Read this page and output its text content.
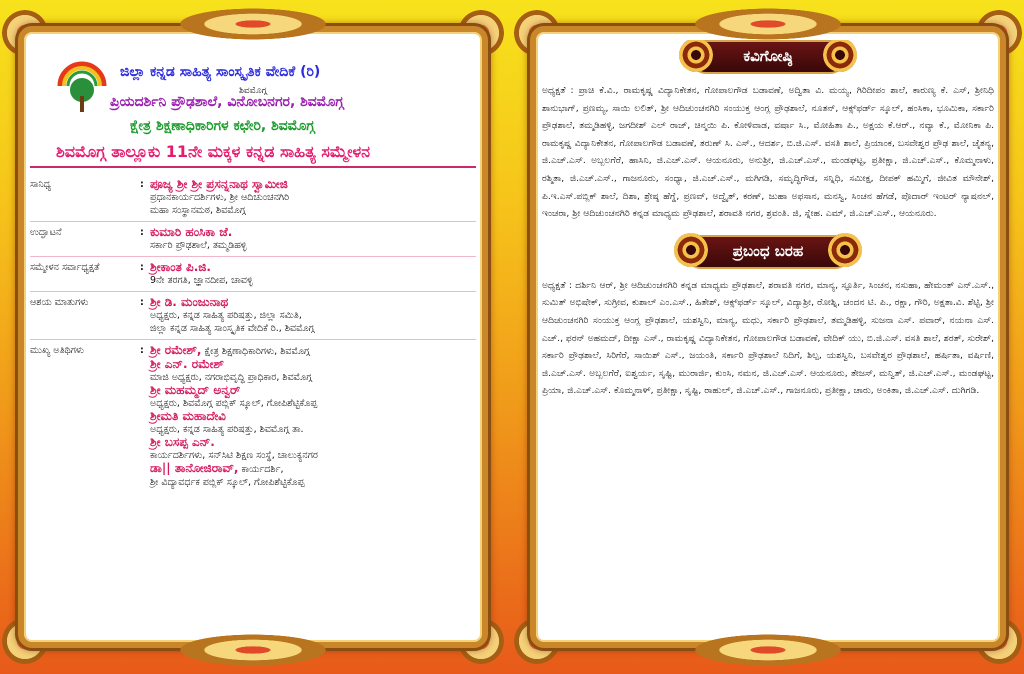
ಜಿಲ್ಲಾ ಕನ್ನಡ ಸಾಹಿತ್ಯ ಸಾಂಸ್ಕೃತಿಕ ವೇದಿಕೆ (ರಿ)
ಶಿವಮೊಗ್ಗ
ಪ್ರಿಯದರ್ಶಿನಿ ಪ್ರೌಢಶಾಲೆ, ವಿನೋಬನಗರ, ಶಿವಮೊಗ್ಗ
ಕ್ಷೇತ್ರ ಶಿಕ್ಷಣಾಧಿಕಾರಿಗಳ ಕಛೇರಿ, ಶಿವಮೊಗ್ಗ
ಶಿವಮೊಗ್ಗ ತಾಲ್ಲೂಕು 11ನೇ ಮಕ್ಕಳ ಕನ್ನಡ ಸಾಹಿತ್ಯ ಸಮ್ಮೇಳನ
ಸಾನಿಧ್ಯ	: ಪೂಜ್ಯ ಶ್ರೀ ಶ್ರೀ ಪ್ರಸನ್ನನಾಥ ಸ್ವಾಮೀಜಿ
ಪ್ರಧಾನಕಾರ್ಯದರ್ಶಿಗಳು, ಶ್ರೀ ಆದಿಚುಂಚನಗಿರಿ
ಮಹಾ ಸಂಸ್ಥಾನಮಠ, ಶಿವಮೊಗ್ಗ
ಉದ್ಘಾಟನೆ	: ಕುಮಾರಿ ಹಂಸಿಕಾ ಜೆ.
ಸರ್ಕಾರಿ ಪ್ರೌಢಶಾಲೆ, ತಮ್ಮಡಿಹಳ್ಳಿ
ಸಮ್ಮೇಳನ ಸರ್ವಾಧ್ಯಕ್ಷತೆ	: ಶ್ರೀಕಾಂತ ಪಿ.ಜಿ.
9ನೇ ತರಗತಿ, ಜ್ಞಾನದೀಪ, ಚಾವಳ್ಳಿ
ಆಶಯ ಮಾತುಗಳು	: ಶ್ರೀ ಡಿ. ಮಂಜುನಾಥ
ಅಧ್ಯಕ್ಷರು, ಕನ್ನಡ ಸಾಹಿತ್ಯ ಪರಿಷತ್ತು, ಜಿಲ್ಲಾ ಸಮಿತಿ,
ಜಿಲ್ಲಾ ಕನ್ನಡ ಸಾಹಿತ್ಯ ಸಾಂಸ್ಕೃತಿಕ ವೇದಿಕೆ ರಿ., ಶಿವಮೊಗ್ಗ
ಮುಖ್ಯ ಅತಿಥಿಗಳು	: ಶ್ರೀ ರಮೇಶ್, ಕ್ಷೇತ್ರ ಶಿಕ್ಷಣಾಧಿಕಾರಿಗಳು, ಶಿವಮೊಗ್ಗ
ಶ್ರೀ ಎನ್. ರಮೇಶ್
ಮಾಜಿ ಅಧ್ಯಕ್ಷರು, ನಗರಾಭಿವೃದ್ಧಿ ಪ್ರಾಧಿಕಾರ, ಶಿವಮೊಗ್ಗ
ಶ್ರೀ ಮಹಮ್ಮದ್ ಅನ್ವರ್
ಅಧ್ಯಕ್ಷರು, ಶಿವಮೊಗ್ಗ ಪಬ್ಲಿಕ್ ಸ್ಕೂಲ್, ಗೋಪಿಶೆಟ್ಟಿಕೊಪ್ಪ
ಶ್ರೀಮತಿ ಮಹಾದೇವಿ
ಅಧ್ಯಕ್ಷರು, ಕನ್ನಡ ಸಾಹಿತ್ಯ ಪರಿಷತ್ತು, ಶಿವಮೊಗ್ಗ ತಾ.
ಶ್ರೀ ಬಸಪ್ಪ ಎನ್.
ಕಾರ್ಯದರ್ಶಿಗಳು, ಸನ್‌ಸಿಟಿ ಶಿಕ್ಷಣ ಸಂಸ್ಥೆ, ಚಾಲುಕ್ಯನಗರ
ಡಾ|| ತಾನೋಜಿರಾವ್, ಕಾರ್ಯದರ್ಶಿ,
ಶ್ರೀ ವಿದ್ಯಾವರ್ಧಕ ಪಬ್ಲಿಕ್ ಸ್ಕೂಲ್, ಗೋಪಿಶೆಟ್ಟಿಕೊಪ್ಪ
ಕವಿಗೋಷ್ಠಿ
ಅಧ್ಯಕ್ಷತೆ : ಪ್ರಾಚಿ ಕೆ.ವಿ., ರಾಮಕೃಷ್ಣ ವಿದ್ಯಾನಿಕೇತನ, ಗೋಪಾಲಗೌಡ ಬಡಾವಣೆ, ಅದ್ವಿತಾ ವಿ. ಮಯ್ಯ, ಗಿರಿದೀಪಂ ಶಾಲೆ, ಕಾರುಣ್ಯ ಕೆ. ಎಸ್, ಶ್ರೀನಿಧಿ ಶಾನುಭಾಗ್, ಪ್ರಣಮ್ಯ, ಸಾಯಿ ಲಲಿತ್, ಶ್ರೀ ಆದಿಚುಂಚನಗಿರಿ ಸಂಯುಕ್ತ ಆಂಗ್ಲ ಪ್ರೌಢಶಾಲೆ, ನೂತನ್, ಆಕ್ಸ್‌ಫರ್ಡ್ ಸ್ಕೂಲ್, ಹಂಸಿಕಾ, ಭೂಮಿಕಾ, ಸರ್ಕಾರಿ ಪ್ರೌಢಶಾಲೆ, ತಮ್ಮಡಿಹಳ್ಳಿ, ಜಗದೀಶ್ ಎಲ್ ರಾಜ್, ಚಿನ್ಮಯಿ ಪಿ. ಕೋಳಿವಾಡ, ವರ್ಷಾ ಸಿ., ಮೋಹಿತಾ ಪಿ., ಅಕ್ಷಯ ಕೆ.ಆರ್., ನವ್ಯಾ ಕೆ., ಮೋನಿಕಾ ಪಿ. ರಾಮಕೃಷ್ಣ ವಿದ್ಯಾನಿಕೇತನ, ಗೋಪಾಲಗೌಡ ಬಡಾವಣೆ, ತರುಣ್ ಸಿ. ಎಸ್., ಆದರ್ಶ, ಬಿ.ಜಿ.ಎಸ್. ವಸತಿ ಶಾಲೆ, ಪ್ರಿಯಾಂಕ, ಬಸವೇಶ್ವರ ಪ್ರೌಢ ಶಾಲೆ, ಚೈತನ್ಯ, ಜಿ.ಎಚ್.ಎಸ್. ಅಬ್ಬಲಗೆರೆ, ಹಾಸಿನಿ, ಜಿ.ಎಚ್.ಎಸ್. ಆಯನೂರು, ಅನುಶ್ರೀ, ಜಿ.ಎಚ್.ಎಸ್., ಮಂಡಘಟ್ಟ, ಪ್ರತೀಕ್ಷಾ, ಜಿ.ಎಚ್.ಎಸ್., ಕೊಮ್ಮನಾಳು, ರಶ್ಮಿತಾ, ಜಿ.ಎಚ್.ಎಸ್., ಗಾಜನೂರು, ಸಂಧ್ಯಾ, ಜಿ.ಎಚ್.ಎಸ್., ಮಗಿಗಡಿ, ಸಮೃದ್ಧಿಗೌಡ, ಸನ್ನಿಧಿ, ಸಮೀಕ್ಷ, ದೀಪಕ್ ಹಮ್ಮಿಗೆ, ಜೀವಿತ ಮೌನೇಶ್, ಪಿ.ಇ.ಎಸ್.ಪಬ್ಲಿಕ್ ಶಾಲೆ, ದಿಶಾ, ಶ್ರೇಷ್ಠ ಹೆಗ್ಡೆ, ಪ್ರಣವ್, ಅದ್ವೈತ್, ಕರಣ್, ಜುಹಾ ಅಫಸಾನ, ಮನಸ್ವಿ, ಸಿಂಚನ ಹೆಗಡೆ, ಪೊದಾರ್ ಇಂಟರ್ ನ್ಯಾಷನಲ್, ಇಂಚರಾ, ಶ್ರೀ ಆದಿಚುಂಚನಗಿರಿ ಕನ್ನಡ ಮಾಧ್ಯಮ ಪ್ರೌಢಶಾಲೆ, ಶರಾವತಿ ನಗರ, ಶ್ರವಂತಿ. ಜಿ, ಸ್ನೇಹ. ಎಮ್, ಜಿ.ಎಚ್.ಎಸ್., ಆಯನೂರು.
ಪ್ರಬಂಧ ಬರಹ
ಅಧ್ಯಕ್ಷತೆ : ದರ್ಶಿನಿ ಆರ್, ಶ್ರೀ ಆದಿಚುಂಚನಗಿರಿ ಕನ್ನಡ ಮಾಧ್ಯಮ ಪ್ರೌಢಶಾಲೆ, ಶರಾವತಿ ನಗರ, ಮಾನ್ಯ, ಸ್ಫೂರ್ತಿ, ಸಿಂಚನ, ನಸುಹಾ, ಹೇಮಂತ್ ಎನ್.ಎಸ್., ಸುಮಿತ್ ಅಭಿಷೇಕ್, ಸುಗ್ರೀವ, ಕುಶಾಲ್ ಎಂ.ಎಸ್., ಹಿತೇಶ್, ಆಕ್ಸ್‌ಫರ್ಡ್ ಸ್ಕೂಲ್, ವಿದ್ಯಾಶ್ರೀ, ರೋಶ್ನಿ, ಚಂದನ ಟಿ. ಪಿ., ರಕ್ಷಾ, ಗೌರಿ, ಅಕ್ಷತಾ.ವಿ. ಶೆಟ್ಟಿ, ಶ್ರೀ ಆದಿಚುಂಚನಗಿರಿ ಸಂಯುಕ್ತ ಆಂಗ್ಲ ಪ್ರೌಢಶಾಲೆ, ಯಶಸ್ವಿನಿ, ಮಾನ್ಯ, ಮಧು, ಸರ್ಕಾರಿ ಪ್ರೌಢಶಾಲೆ, ತಮ್ಮಡಿಹಳ್ಳಿ, ಸುಜನಾ ಎಸ್. ಪವಾರ್, ನಯನಾ ಎಸ್. ಎಚ್., ಫರನ್ ಅಹಮದ್, ದೀಕ್ಷಾ ಎಸ್., ರಾಮಕೃಷ್ಣ ವಿದ್ಯಾನಿಕೇತನ, ಗೋಪಾಲಗೌಡ ಬಡಾವಣೆ, ವೇದಿಕ್ ಯು, ಬಿ.ಜಿ.ಎಸ್. ವಸತಿ ಶಾಲೆ, ಶರತ್, ಸುರೇಶ್, ಸರ್ಕಾರಿ ಪ್ರೌಢಶಾಲೆ, ಸಿರಿಗೆರೆ, ಸಾಯಿಶ್ ಎಸ್., ಜಯಂತಿ, ಸರ್ಕಾರಿ ಪ್ರೌಢಶಾಲೆ ನಿದಿಗೆ, ಶಿಲ್ಪ, ಯಶಸ್ವಿನಿ, ಬಸವೇಶ್ವರ ಪ್ರೌಢಶಾಲೆ, ಹರ್ಷಿತಾ, ವರ್ಷಿಣಿ, ಜಿ.ಎಚ್.ಎಸ್. ಅಬ್ಬಲಗೆರೆ, ಐಶ್ವರ್ಯ, ಸೃಷ್ಟಿ, ಮುರಾರ್ಜಿ, ಕುಂಸಿ, ನಮನ, ಜಿ.ಎಚ್.ಎಸ್. ಆಯನೂರು, ತೇಜಸ್, ಮನ್ವಿತ್, ಜಿ.ಎಚ್.ಎಸ್., ಮಂಡಘಟ್ಟ, ಪ್ರಿಯಾ, ಜಿ.ಎಚ್.ಎಸ್. ಕೊಮ್ಮನಾಳ್, ಪ್ರತೀಕ್ಷಾ, ಸೃಷ್ಟಿ, ರಾಹುಲ್, ಜಿ.ಎಚ್.ಎಸ್., ಗಾಜನೂರು, ಪ್ರತೀಕ್ಷಾ, ಚಾರು, ಅಂಕಿತಾ, ಜಿ.ಎಚ್.ಎಸ್. ದುಗಿಗಡಿ.
